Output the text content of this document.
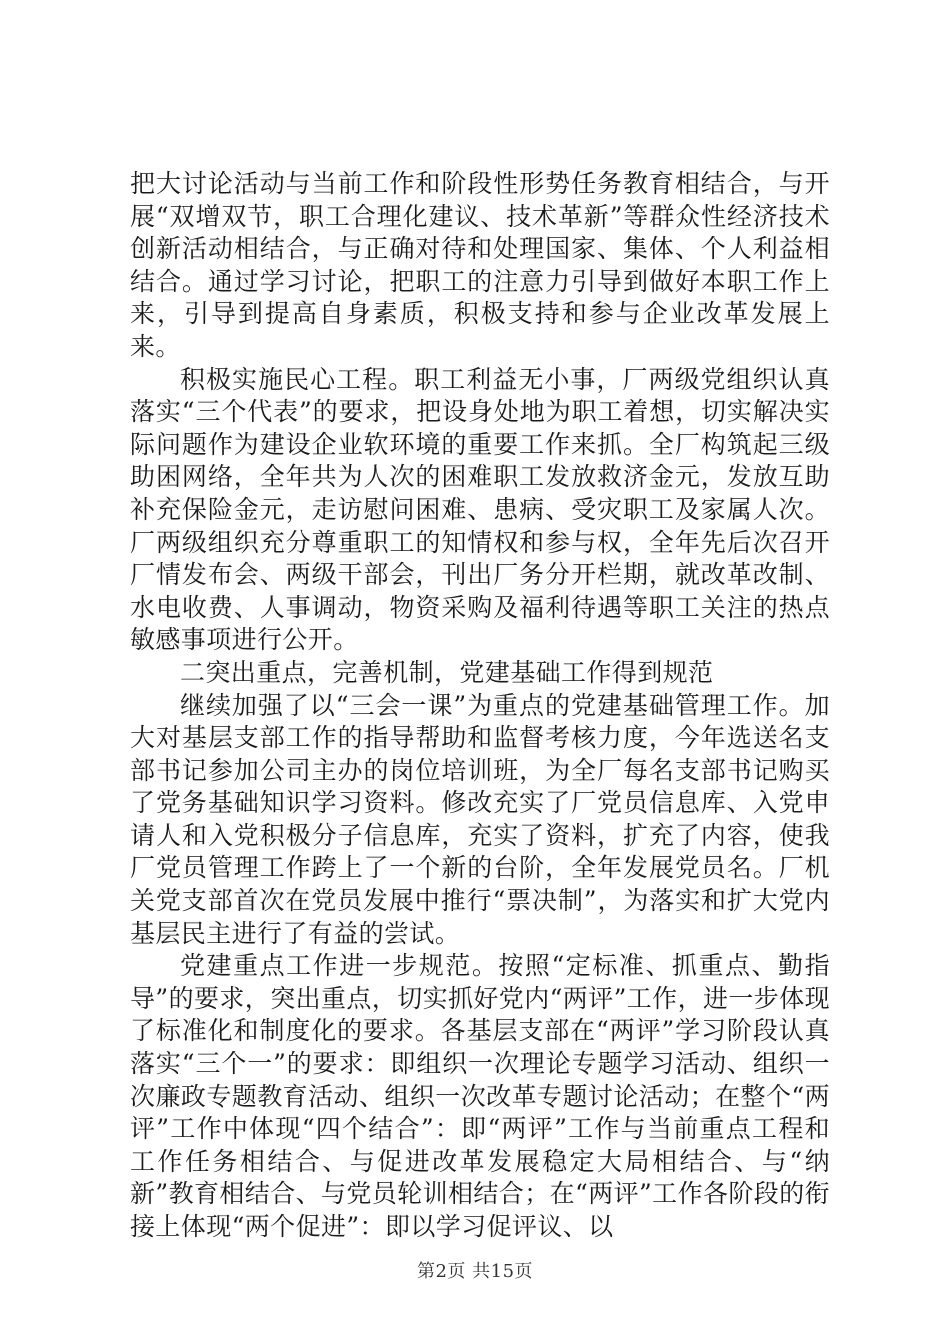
把大讨论活动与当前工作和阶段性形势任务教育相结合，与开展“双增双节，职工合理化建议、技术革新”等群众性经济技术创新活动相结合，与正确对待和处理国家、集体、个人利益相结合。通过学习讨论，把职工的注意力引导到做好本职工作上来，引导到提高自身素质，积极支持和参与企业改革发展上来。

积极实施民心工程。职工利益无小事，厂两级党组织认真落实“三个代表”的要求，把设身处地为职工着想，切实解决实际问题作为建设企业软环境的重要工作来抓。全厂构筑起三级助困网络，全年共为人次的困难职工发放救济金元，发放互助补充保险金元，走访慰问困难、患病、受灾职工及家属人次。厂两级组织充分尊重职工的知情权和参与权，全年先后次召开厂情发布会、两级干部会，刊出厂务分开栏期，就改革改制、水电收费、人事调动，物资采购及福利待遇等职工关注的热点敏感事项进行公开。

二突出重点，完善机制，党建基础工作得到规范

继续加强了以“三会一课”为重点的党建基础管理工作。加大对基层支部工作的指导帮助和监督考核力度，今年选送名支部书记参加公司主办的岗位培训班，为全厂每名支部书记购买了党务基础知识学习资料。修改充实了厂党员信息库、入党申请人和入党积极分子信息库，充实了资料，扩充了内容，使我厂党员管理工作跨上了一个新的台阶，全年发展党员名。厂机关党支部首次在党员发展中推行“票决制”，为落实和扩大党内基层民主进行了有益的尝试。

党建重点工作进一步规范。按照“定标准、抓重点、勤指导”的要求，突出重点，切实抓好党内“两评”工作，进一步体现了标准化和制度化的要求。各基层支部在“两评”学习阶段认真落实“三个一”的要求：即组织一次理论专题学习活动、组织一次廉政专题教育活动、组织一次改革专题讨论活动；在整个“两评”工作中体现“四个结合”：即“两评”工作与当前重点工程和工作任务相结合、与促进改革发展稳定大局相结合、与“纳新”教育相结合、与党员轮训相结合；在“两评”工作各阶段的衔接上体现“两个促进”：即以学习促评议、以

第2页 共15页
